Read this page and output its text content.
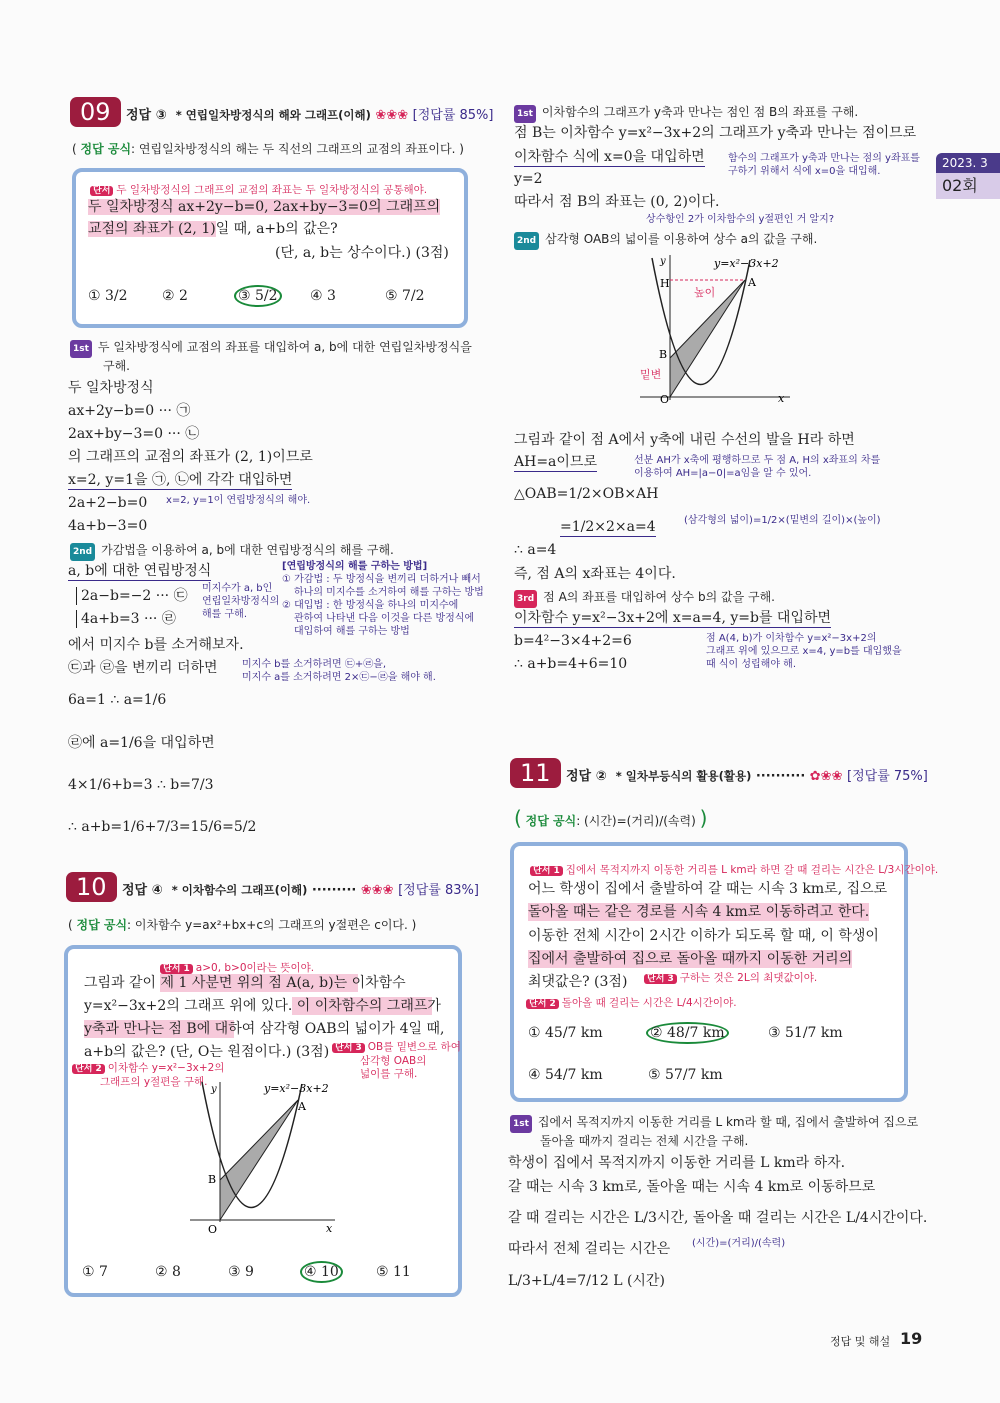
2023. 3
02회
09	정답 ③ * 연립일차방정식의 해와 그래프(이해) ❀❀❀ [정답률 85%]
( 정답 공식: 연립일차방정식의 해는 두 직선의 그래프의 교점의 좌표이다. )
단서 두 일차방정식의 그래프의 교점의 좌표는 두 일차방정식의 공통해야.
두 일차방정식 ax+2y−b=0, 2ax+by−3=0의 그래프의
교점의 좌표가 (2, 1)일 때, a+b의 값은?
(단, a, b는 상수이다.) (3점)
① 3/2 ② 2	③ 5/2 ④ 3	⑤ 7/2
1st 두 일차방정식에 교점의 좌표를 대입하여 a, b에 대한 연립일차방정식을
구해.
두 일차방정식
ax+2y−b=0 ··· ㉠
2ax+by−3=0 ··· ㉡
의 그래프의 교점의 좌표가 (2, 1)이므로
x=2, y=1을 ㉠, ㉡에 각각 대입하면
2a+2−b=0 x=2, y=1이 연립방정식의 해야.
4a+b−3=0
2nd 가감법을 이용하여 a, b에 대한 연립방정식의 해를 구해.
a, b에 대한 연립방정식
2a−b=−2 ··· ㉢
4a+b=3 ··· ㉣
미지수가 a, b인
연립일차방정식의
해를 구해.
[연립방정식의 해를 구하는 방법]
① 가감법 : 두 방정식을 변끼리 더하거나 빼서
하나의 미지수를 소거하여 해를 구하는 방법
② 대입법 : 한 방정식을 하나의 미지수에
관하여 나타낸 다음 이것을 다른 방정식에
대입하여 해를 구하는 방법
에서 미지수 b를 소거해보자.
㉢과 ㉣을 변끼리 더하면 미지수 b를 소거하려면 ㉢+㉣을,
미지수 a를 소거하려면 2×㉢−㉣을 해야 해.
6a=1 ∴ a=1/6
㉣에 a=1/6을 대입하면
4×1/6+b=3 ∴ b=7/3
∴ a+b=1/6+7/3=15/6=5/2
10	정답 ④ * 이차함수의 그래프(이해) ········· ❀❀❀ [정답률 83%]
( 정답 공식: 이차함수 y=ax²+bx+c의 그래프의 y절편은 c이다. )
단서 1 a>0, b>0이라는 뜻이야.
그림과 같이 제 1 사분면 위의 점 A(a, b)는 이차함수
y=x²−3x+2의 그래프 위에 있다. 이 이차함수의 그래프가
y축과 만나는 점 B에 대하여 삼각형 OAB의 넓이가 4일 때,
a+b의 값은? (단, O는 원점이다.) (3점)
단서 2 이차함수 y=x²−3x+2의
그래프의 y절편을 구해.
단서 3 OB를 밑변으로 하여
삼각형 OAB의
넓이를 구해.
y
x
O
B
A
y=x²−3x+2
① 7	② 8	③ 9	④ 10	⑤ 11
1st 이차함수의 그래프가 y축과 만나는 점인 점 B의 좌표를 구해.
점 B는 이차함수 y=x²−3x+2의 그래프가 y축과 만나는 점이므로
이차함수 식에 x=0을 대입하면 함수의 그래프가 y축과 만나는 점의 y좌표를
구하기 위해서 식에 x=0을 대입해.
y=2
따라서 점 B의 좌표는 (0, 2)이다.
상수항인 2가 이차함수의 y절편인 거 알지?
2nd 삼각형 OAB의 넓이를 이용하여 상수 a의 값을 구해.
y
x
H	A
B
O
높이
밑변
y=x²−3x+2
그림과 같이 점 A에서 y축에 내린 수선의 발을 H라 하면
AH=a이므로	선분 AH가 x축에 평행하므로 두 점 A, H의 x좌표의 차를
이용하여 AH=|a−0|=a임을 알 수 있어.
△OAB=1/2×OB×AH
=1/2×2×a=4	(삼각형의 넓이)=1/2×(밑변의 길이)×(높이)
∴ a=4
즉, 점 A의 x좌표는 4이다.
3rd 점 A의 좌표를 대입하여 상수 b의 값을 구해.
이차함수 y=x²−3x+2에 x=a=4, y=b를 대입하면
b=4²−3×4+2=6	점 A(4, b)가 이차함수 y=x²−3x+2의
그래프 위에 있으므로 x=4, y=b를 대입했을
때 식이 성립해야 해.
∴ a+b=4+6=10
11	정답 ② * 일차부등식의 활용(활용) ·········· ✿❀❀ [정답률 75%]
( 정답 공식: (시간)=(거리)/(속력) )
단서 1 집에서 목적지까지 이동한 거리를 L km라 하면 갈 때 걸리는 시간은 L/3시간이야.
어느 학생이 집에서 출발하여 갈 때는 시속 3 km로, 집으로
돌아올 때는 같은 경로를 시속 4 km로 이동하려고 한다.
이동한 전체 시간이 2시간 이하가 되도록 할 때, 이 학생이
집에서 출발하여 집으로 돌아올 때까지 이동한 거리의
최댓값은? (3점)	단서 3 구하는 것은 2L의 최댓값이야.
단서 2 돌아올 때 걸리는 시간은 L/4시간이야.
① 45/7 km	② 48/7 km	③ 51/7 km
④ 54/7 km	⑤ 57/7 km
1st 집에서 목적지까지 이동한 거리를 L km라 할 때, 집에서 출발하여 집으로
돌아올 때까지 걸리는 전체 시간을 구해.
학생이 집에서 목적지까지 이동한 거리를 L km라 하자.
갈 때는 시속 3 km로, 돌아올 때는 시속 4 km로 이동하므로
갈 때 걸리는 시간은 L/3시간, 돌아올 때 걸리는 시간은 L/4시간이다.
따라서 전체 걸리는 시간은 (시간)=(거리)/(속력)
L/3+L/4=7/12 L (시간)
정답 및 해설 19
